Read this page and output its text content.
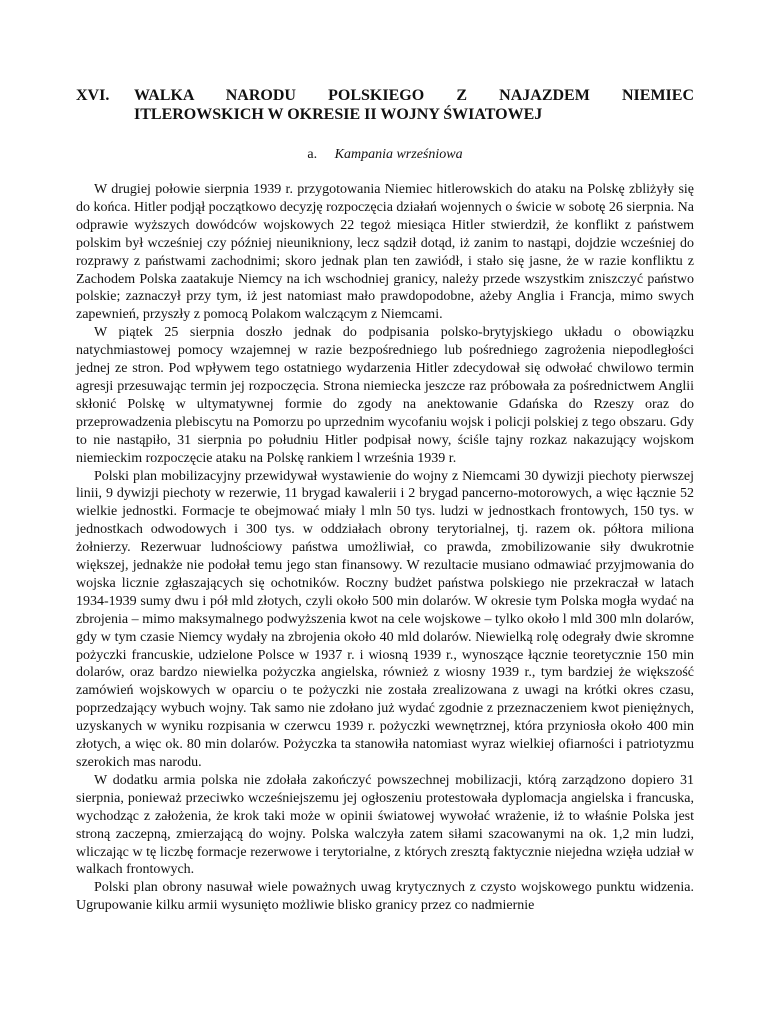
XVI.	WALKA NARODU POLSKIEGO Z NAJAZDEM NIEMIEC
ITLEROWSKICH W OKRESIE II WOJNY ŚWIATOWEJ
a. Kampania wrześniowa

W drugiej połowie sierpnia 1939 r. przygotowania Niemiec hitlerowskich do ataku na Polskę zbliżyły się do końca. Hitler podjął początkowo decyzję rozpoczęcia działań wojennych o świcie w sobotę 26 sierpnia. Na odprawie wyższych dowódców wojskowych 22 tegoż miesiąca Hitler stwierdził, że konflikt z państwem polskim był wcześniej czy później nieunikniony, lecz sądził dotąd, iż zanim to nastąpi, dojdzie wcześniej do rozprawy z państwami zachodnimi; skoro jednak plan ten zawiódł, i stało się jasne, że w razie konfliktu z Zachodem Polska zaatakuje Niemcy na ich wschodniej granicy, należy przede wszystkim zniszczyć państwo polskie; zaznaczył przy tym, iż jest natomiast mało prawdopodobne, ażeby Anglia i Francja, mimo swych zapewnień, przyszły z pomocą Polakom walczącym z Niemcami.

W piątek 25 sierpnia doszło jednak do podpisania polsko-brytyjskiego układu o obowiązku natychmiastowej pomocy wzajemnej w razie bezpośredniego lub pośredniego zagrożenia niepodległości jednej ze stron. Pod wpływem tego ostatniego wydarzenia Hitler zdecydował się odwołać chwilowo termin agresji przesuwając termin jej rozpoczęcia. Strona niemiecka jeszcze raz próbowała za pośrednictwem Anglii skłonić Polskę w ultymatywnej formie do zgody na anektowanie Gdańska do Rzeszy oraz do przeprowadzenia plebiscytu na Pomorzu po uprzednim wycofaniu wojsk i policji polskiej z tego obszaru. Gdy to nie nastąpiło, 31 sierpnia po południu Hitler podpisał nowy, ściśle tajny rozkaz nakazujący wojskom niemieckim rozpoczęcie ataku na Polskę rankiem l września 1939 r.

Polski plan mobilizacyjny przewidywał wystawienie do wojny z Niemcami 30 dywizji piechoty pierwszej linii, 9 dywizji piechoty w rezerwie, 11 brygad kawalerii i 2 brygad pancerno-motorowych, a więc łącznie 52 wielkie jednostki. Formacje te obejmować miały l mln 50 tys. ludzi w jednostkach frontowych, 150 tys. w jednostkach odwodowych i 300 tys. w oddziałach obrony terytorialnej, tj. razem ok. półtora miliona żołnierzy. Rezerwuar ludnościowy państwa umożliwiał, co prawda, zmobilizowanie siły dwukrotnie większej, jednakże nie podołał temu jego stan finansowy. W rezultacie musiano odmawiać przyjmowania do wojska licznie zgłaszających się ochotników. Roczny budżet państwa polskiego nie przekraczał w latach 1934-1939 sumy dwu i pół mld złotych, czyli około 500 min dolarów. W okresie tym Polska mogła wydać na zbrojenia – mimo maksymalnego podwyższenia kwot na cele wojskowe – tylko około l mld 300 mln dolarów, gdy w tym czasie Niemcy wydały na zbrojenia około 40 mld dolarów. Niewielką rolę odegrały dwie skromne pożyczki francuskie, udzielone Polsce w 1937 r. i wiosną 1939 r., wynoszące łącznie teoretycznie 150 min dolarów, oraz bardzo niewielka pożyczka angielska, również z wiosny 1939 r., tym bardziej że większość zamówień wojskowych w oparciu o te pożyczki nie została zrealizowana z uwagi na krótki okres czasu, poprzedzający wybuch wojny. Tak samo nie zdołano już wydać zgodnie z przeznaczeniem kwot pieniężnych, uzyskanych w wyniku rozpisania w czerwcu 1939 r. pożyczki wewnętrznej, która przyniosła około 400 min złotych, a więc ok. 80 min dolarów. Pożyczka ta stanowiła natomiast wyraz wielkiej ofiarności i patriotyzmu szerokich mas narodu.

W dodatku armia polska nie zdołała zakończyć powszechnej mobilizacji, którą zarządzono dopiero 31 sierpnia, ponieważ przeciwko wcześniejszemu jej ogłoszeniu protestowała dyplomacja angielska i francuska, wychodząc z założenia, że krok taki może w opinii światowej wywołać wrażenie, iż to właśnie Polska jest stroną zaczepną, zmierzającą do wojny. Polska walczyła zatem siłami szacowanymi na ok. 1,2 min ludzi, wliczając w tę liczbę formacje rezerwowe i terytorialne, z których zresztą faktycznie niejedna wzięła udział w walkach frontowych.

Polski plan obrony nasuwał wiele poważnych uwag krytycznych z czysto wojskowego punktu widzenia. Ugrupowanie kilku armii wysunięto możliwie blisko granicy przez co nadmiernie
